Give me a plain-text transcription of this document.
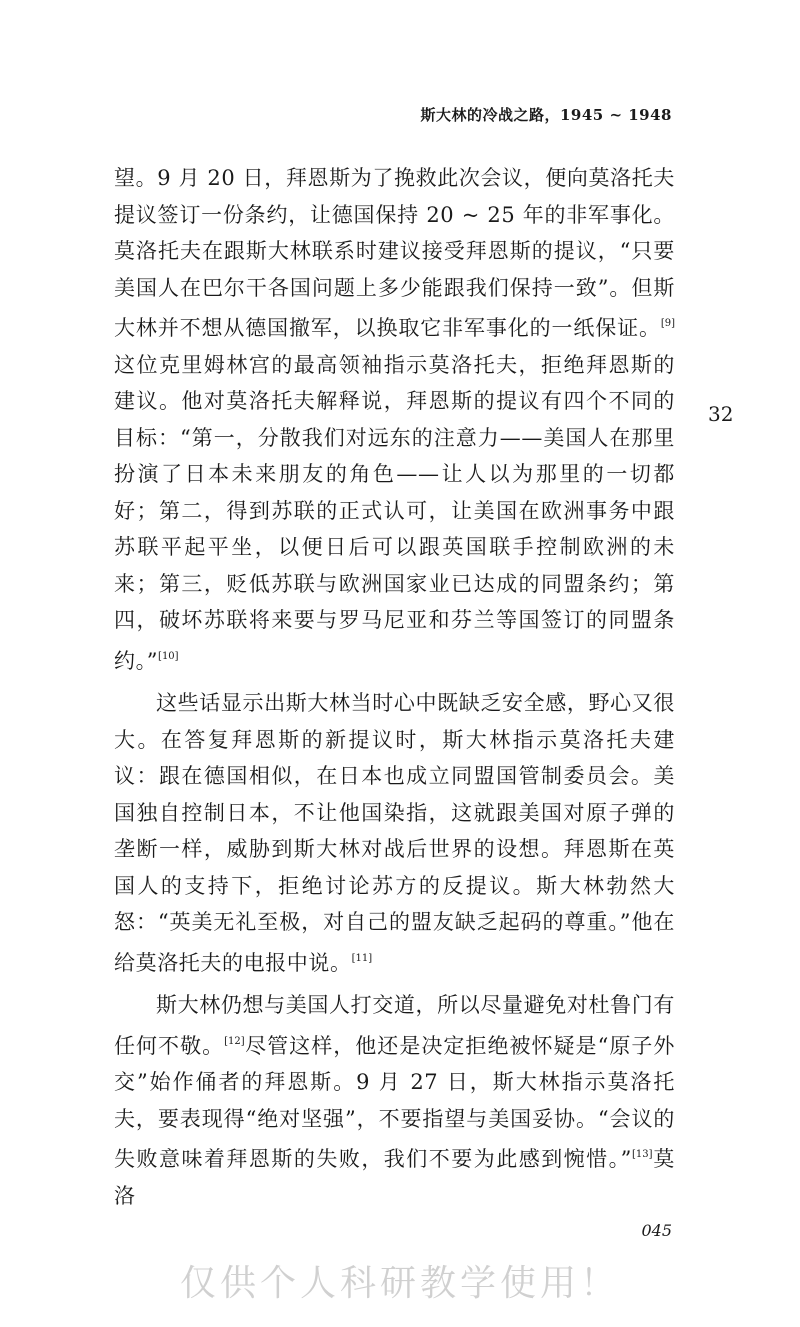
斯大林的冷战之路，1945 ~ 1948

望。9 月 20 日，拜恩斯为了挽救此次会议，便向莫洛托夫提议签订一份条约，让德国保持 20 ~ 25 年的非军事化。莫洛托夫在跟斯大林联系时建议接受拜恩斯的提议，“只要美国人在巴尔干各国问题上多少能跟我们保持一致”。但斯大林并不想从德国撤军，以换取它非军事化的一纸保证。[9]这位克里姆林宫的最高领袖指示莫洛托夫，拒绝拜恩斯的建议。他对莫洛托夫解释说，拜恩斯的提议有四个不同的目标：“第一，分散我们对远东的注意力——美国人在那里扮演了日本未来朋友的角色——让人以为那里的一切都好；第二，得到苏联的正式认可，让美国在欧洲事务中跟苏联平起平坐，以便日后可以跟英国联手控制欧洲的未来；第三，贬低苏联与欧洲国家业已达成的同盟条约；第四，破坏苏联将来要与罗马尼亚和芬兰等国签订的同盟条约。”[10]

这些话显示出斯大林当时心中既缺乏安全感，野心又很大。在答复拜恩斯的新提议时，斯大林指示莫洛托夫建议：跟在德国相似，在日本也成立同盟国管制委员会。美国独自控制日本，不让他国染指，这就跟美国对原子弹的垄断一样，威胁到斯大林对战后世界的设想。拜恩斯在英国人的支持下，拒绝讨论苏方的反提议。斯大林勃然大怒：“英美无礼至极，对自己的盟友缺乏起码的尊重。”他在给莫洛托夫的电报中说。[11]

斯大林仍想与美国人打交道，所以尽量避免对杜鲁门有任何不敬。[12]尽管这样，他还是决定拒绝被怀疑是“原子外交”始作俑者的拜恩斯。9 月 27 日，斯大林指示莫洛托夫，要表现得“绝对坚强”，不要指望与美国妥协。“会议的失败意味着拜恩斯的失败，我们不要为此感到惋惜。”[13]莫洛

32
045
仅供个人科研教学使用！
